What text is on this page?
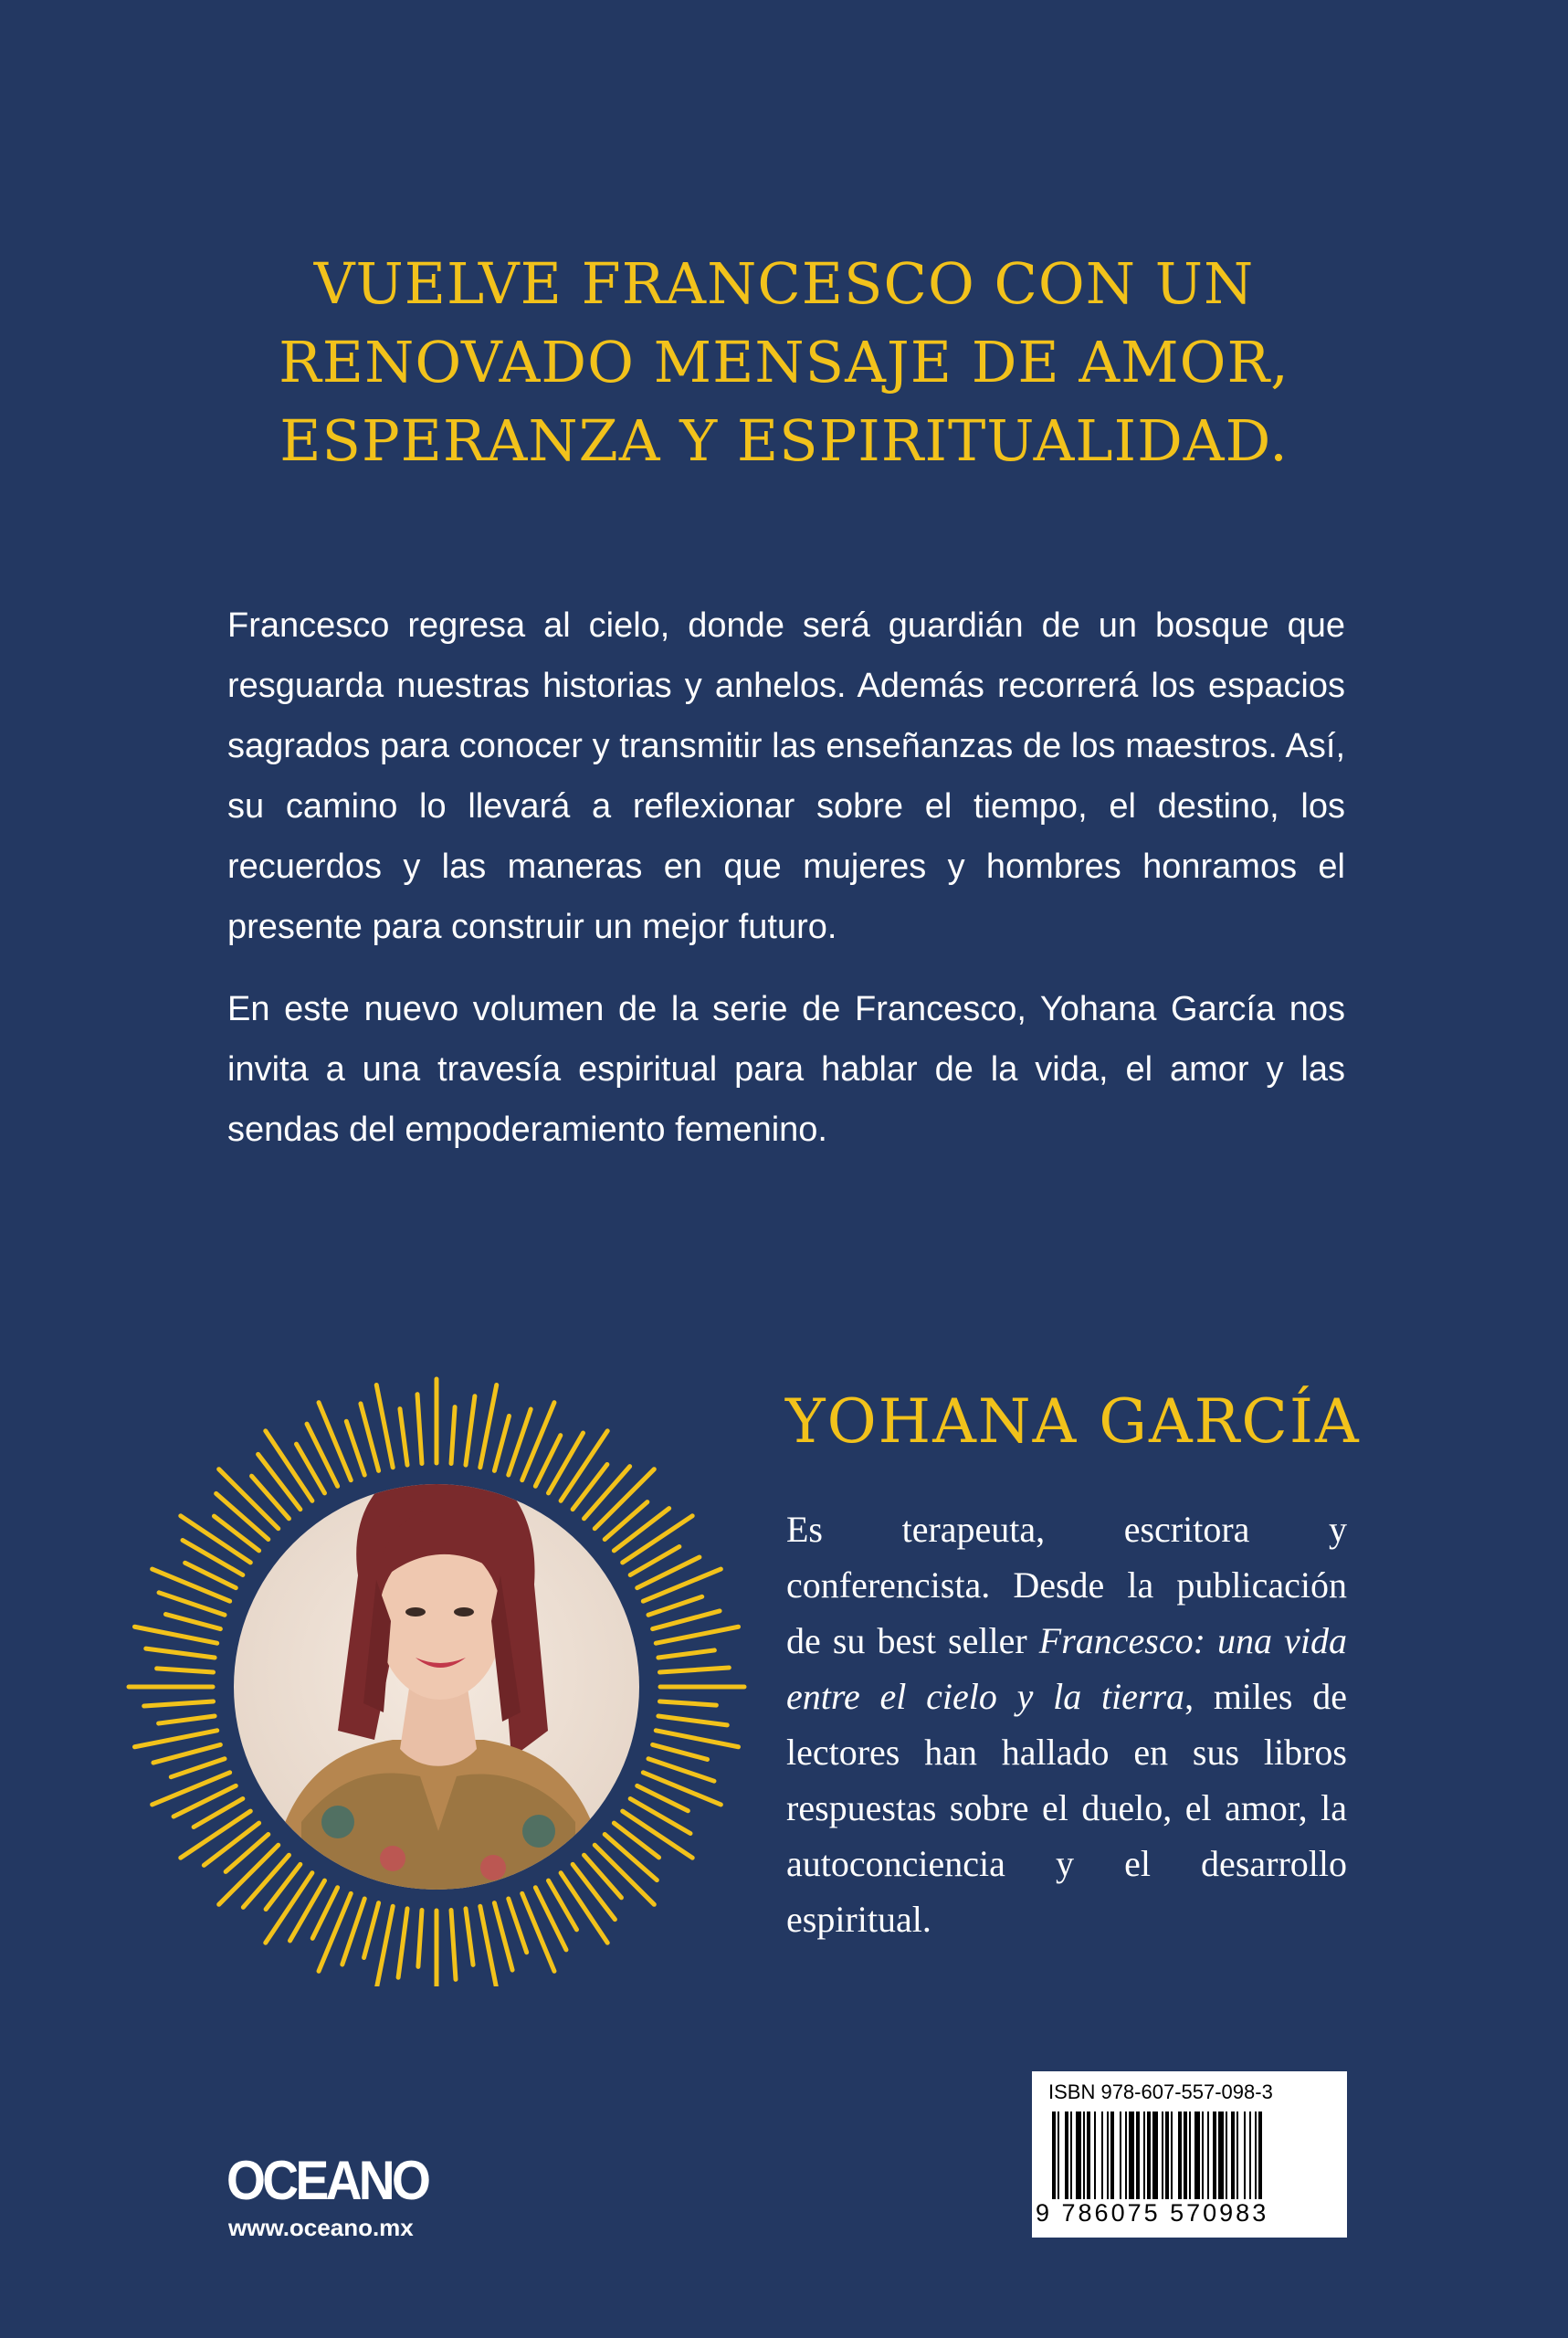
VUELVE FRANCESCO CON UN
RENOVADO MENSAJE DE AMOR,
ESPERANZA Y ESPIRITUALIDAD.

Francesco regresa al cielo, donde será guardián de un bosque que resguarda nuestras historias y anhelos. Además recorrerá los espacios sagrados para conocer y transmitir las enseñanzas de los maestros. Así, su camino lo llevará a reflexionar sobre el tiempo, el destino, los recuerdos y las maneras en que mujeres y hombres honramos el presente para construir un mejor futuro.

En este nuevo volumen de la serie de Francesco, Yohana García nos invita a una travesía espiritual para hablar de la vida, el amor y las sendas del empoderamiento femenino.

YOHANA GARCÍA
Es terapeuta, escritora y conferencista. Desde la publicación de su best seller Francesco: una vida entre el cielo y la tierra, miles de lectores han hallado en sus libros respuestas sobre el duelo, el amor, la autoconciencia y el desarrollo espiritual.
OCEANO
www.oceano.mx
ISBN 978-607-557-098-3
9 786075 570983
